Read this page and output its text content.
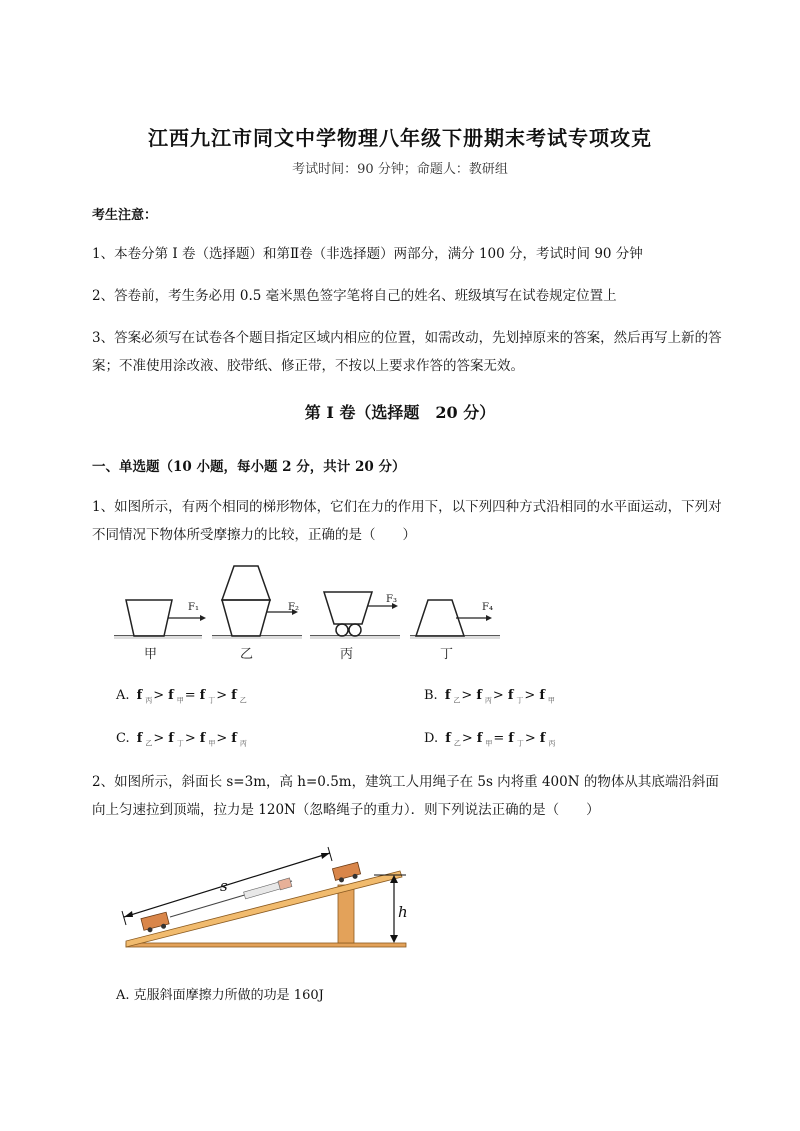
江西九江市同文中学物理八年级下册期末考试专项攻克
考试时间：90 分钟；命题人：教研组
考生注意：
1、本卷分第 I 卷（选择题）和第Ⅱ卷（非选择题）两部分，满分 100 分，考试时间 90 分钟
2、答卷前，考生务必用 0.5 毫米黑色签字笔将自己的姓名、班级填写在试卷规定位置上
3、答案必须写在试卷各个题目指定区域内相应的位置，如需改动，先划掉原来的答案，然后再写上新的答案；不准使用涂改液、胶带纸、修正带，不按以上要求作答的答案无效。
第 I 卷（选择题　20 分）
一、单选题（10 小题，每小题 2 分，共计 20 分）
1、如图所示，有两个相同的梯形物体，它们在力的作用下，以下列四种方式沿相同的水平面运动，下列对不同情况下物体所受摩擦力的比较，正确的是（　　）
F₁
甲
F₂
乙
F₃
丙
F₄
丁
A. f $_丙$> f $_甲$= f $_丁$> f $_乙$	B. f $_乙$> f $_丙$> f $_丁$> f $_甲$
C. f $_乙$> f $_丁$> f $_甲$> f $_丙$	D. f $_乙$> f $_甲$= f $_丁$> f $_丙$
2、如图所示，斜面长 s=3m，高 h=0.5m，建筑工人用绳子在 5s 内将重 400N 的物体从其底端沿斜面向上匀速拉到顶端，拉力是 120N（忽略绳子的重力）．则下列说法正确的是（　　）
s
h
A. 克服斜面摩擦力所做的功是 160J
